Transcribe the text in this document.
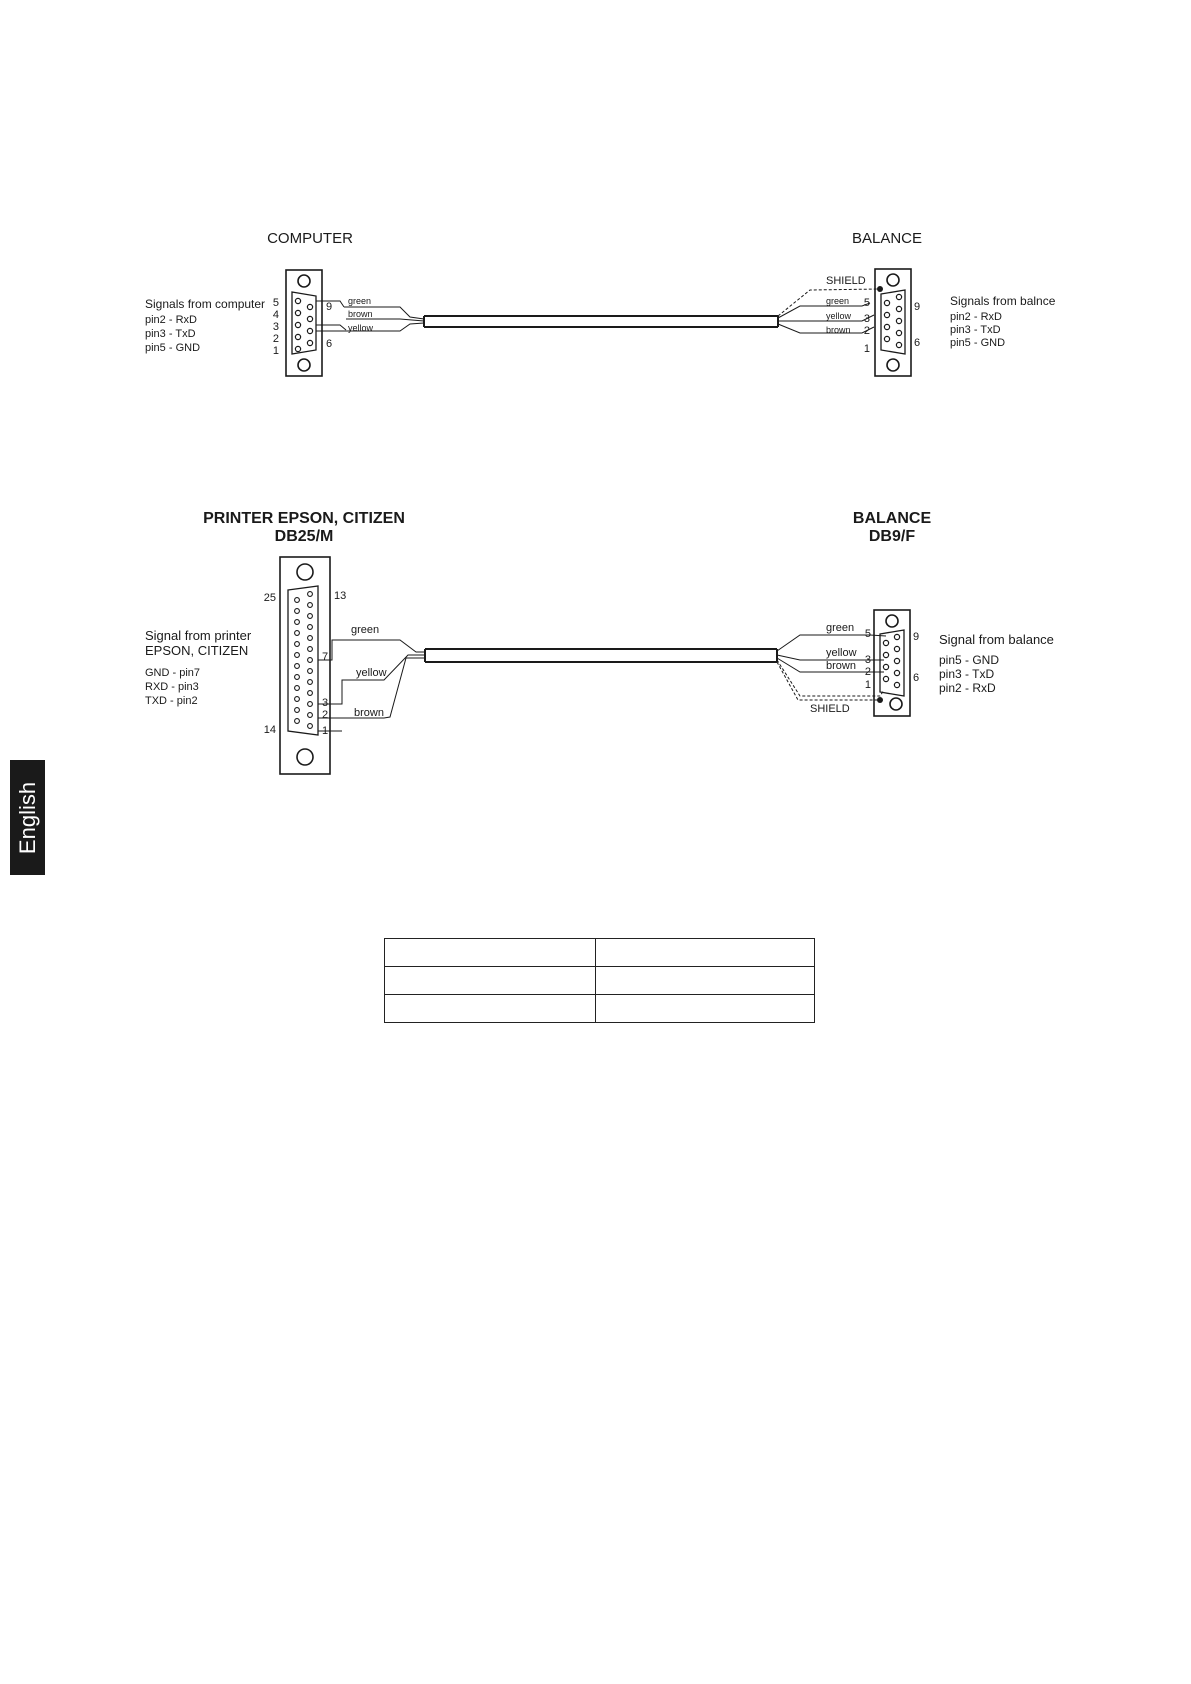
COMPUTER	BALANCE
Signals from computer
pin2 - RxD
pin3 - TxD
pin5 - GND
5
4
3
2
1
9
6
green
brown
yellow
SHIELD
green
yellow
brown
5
3
2
1
9
6
Signals from balnce
pin2 - RxD
pin3 - TxD
pin5 - GND
PRINTER EPSON, CITIZEN
DB25/M
BALANCE
DB9/F
Signal from printer
EPSON, CITIZEN
GND - pin7
RXD - pin3
TXD - pin2
25	13
7
3
2
14	1
green
yellow
brown
green
yellow
brown
SHIELD
5
3
2
1
9
6
Signal from balance
pin5 - GND
pin3 - TxD
pin2 - RxD
English
